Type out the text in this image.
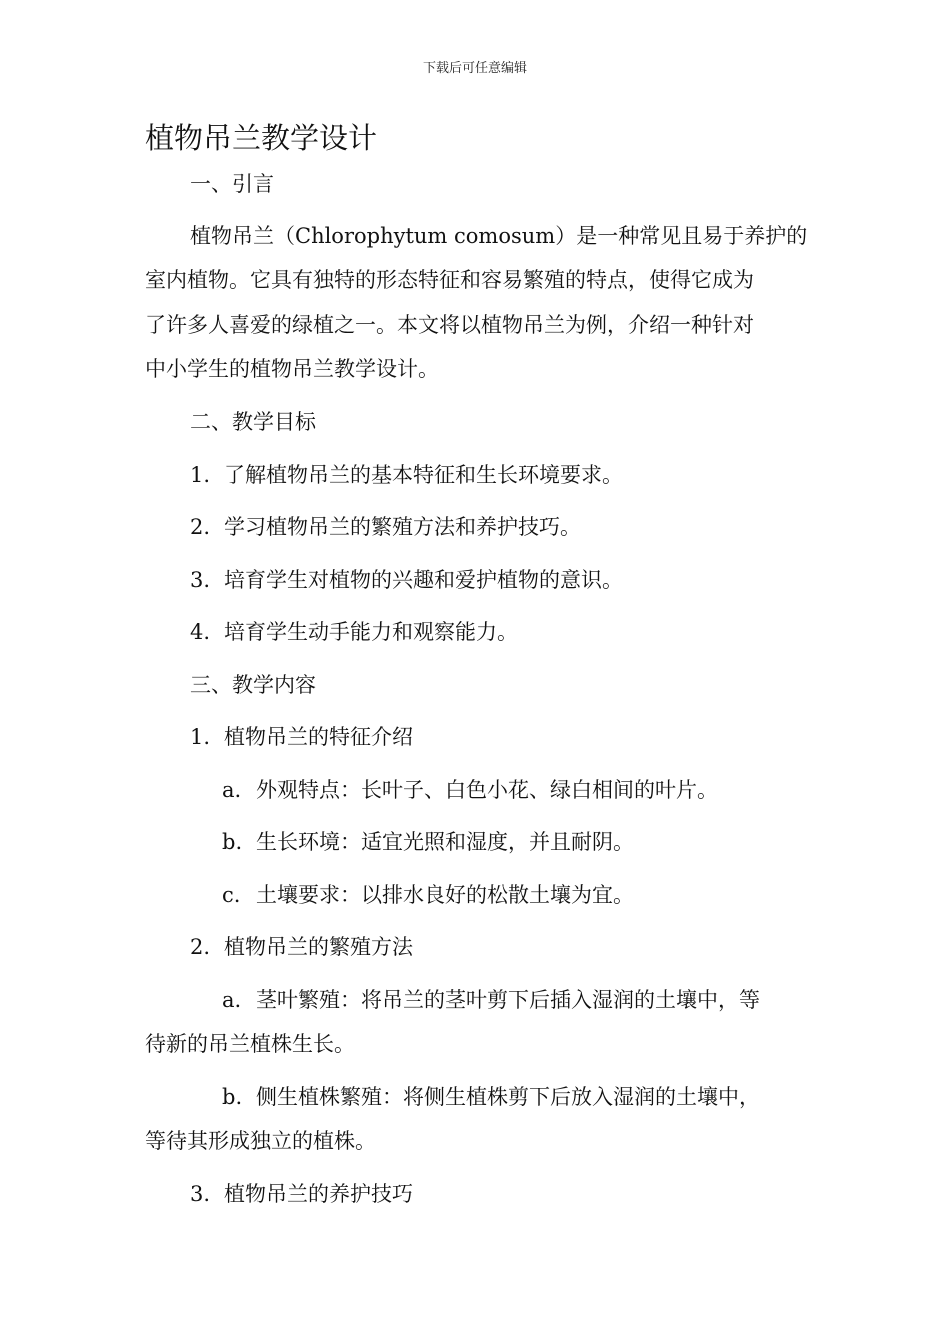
下载后可任意编辑
植物吊兰教学设计
一、引言
植物吊兰（Chlorophytum comosum）是一种常见且易于养护的
室内植物。它具有独特的形态特征和容易繁殖的特点，使得它成为
了许多人喜爱的绿植之一。本文将以植物吊兰为例，介绍一种针对
中小学生的植物吊兰教学设计。
二、教学目标
1. 了解植物吊兰的基本特征和生长环境要求。
2. 学习植物吊兰的繁殖方法和养护技巧。
3. 培育学生对植物的兴趣和爱护植物的意识。
4. 培育学生动手能力和观察能力。
三、教学内容
1. 植物吊兰的特征介绍
a. 外观特点：长叶子、白色小花、绿白相间的叶片。
b. 生长环境：适宜光照和湿度，并且耐阴。
c. 土壤要求：以排水良好的松散土壤为宜。
2. 植物吊兰的繁殖方法
a. 茎叶繁殖：将吊兰的茎叶剪下后插入湿润的土壤中，等
待新的吊兰植株生长。
b. 侧生植株繁殖：将侧生植株剪下后放入湿润的土壤中，
等待其形成独立的植株。
3. 植物吊兰的养护技巧
